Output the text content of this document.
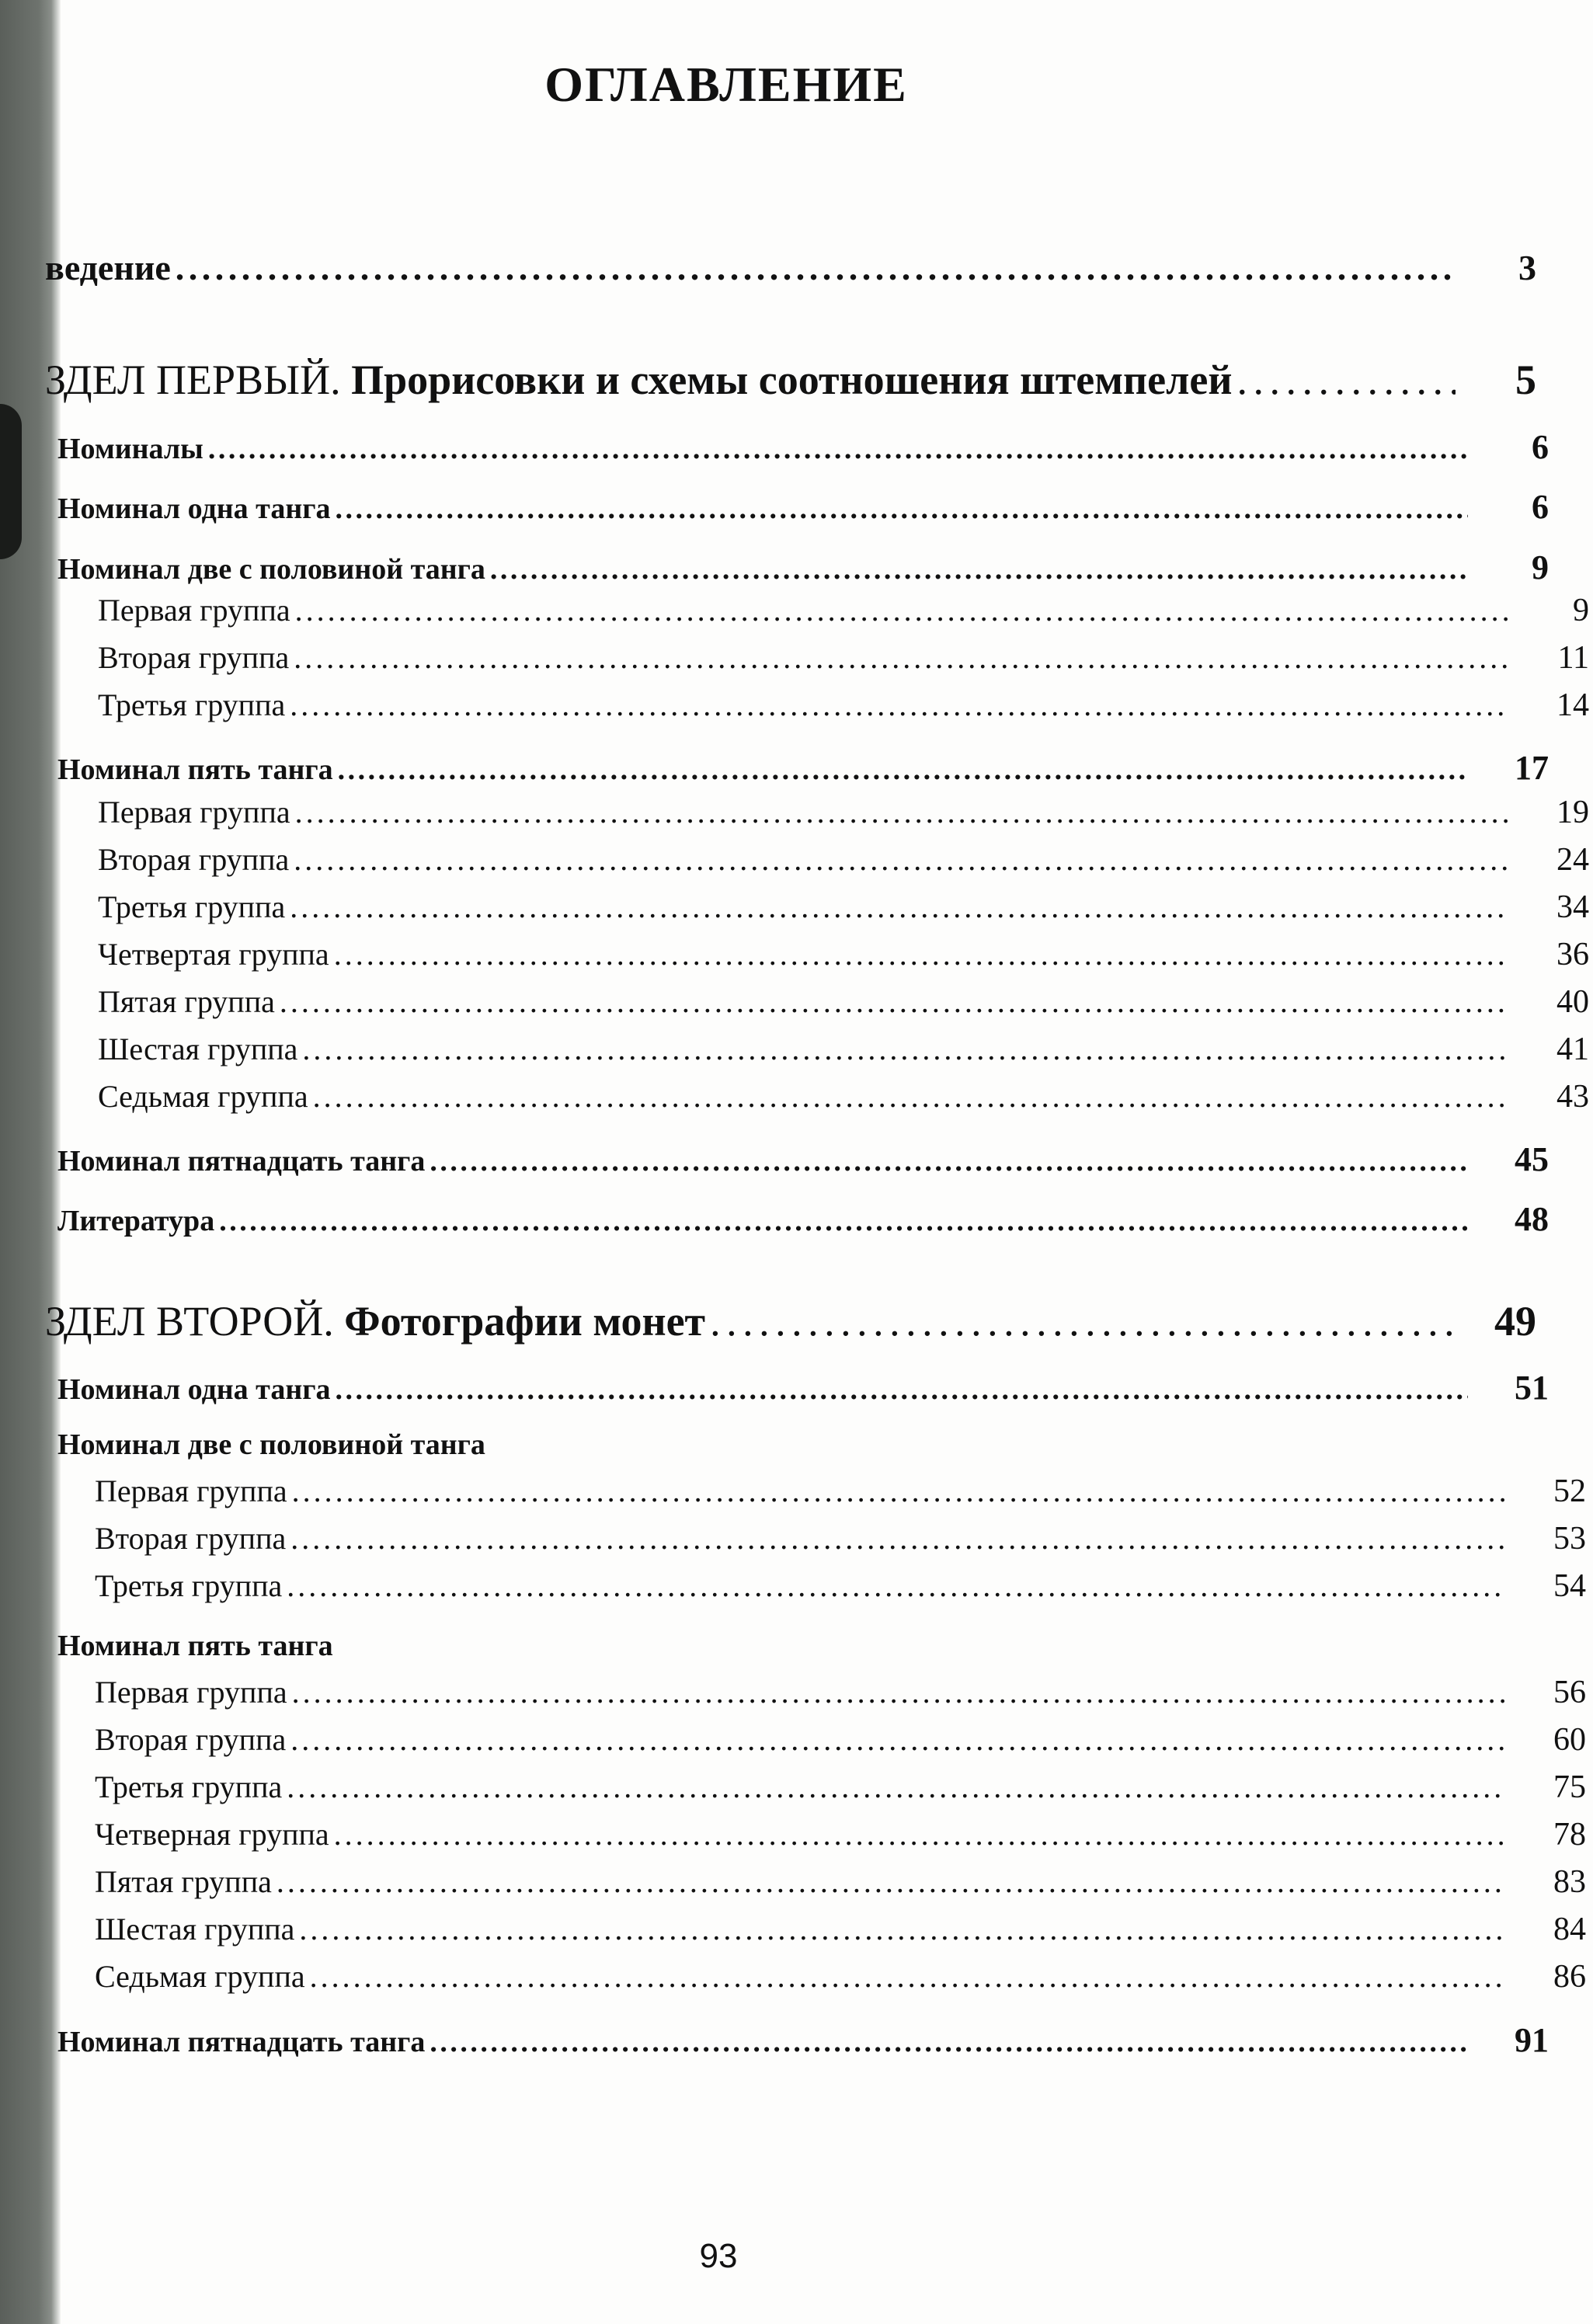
ОГЛАВЛЕНИЕ
ведение . . .	3
ЗДЕЛ ПЕРВЫЙ. Прорисовки и схемы соотношения штемпелей . . .	5
Номиналы . . .	6
Номинал одна танга . . .	6
Номинал две с половиной танга . . .	9
Первая группа . . .	9
Вторая группа . . .	11
Третья группа . . .	14
Номинал пять танга . . .	17
Первая группа . . .	19
Вторая группа . . .	24
Третья группа . . .	34
Четвертая группа . . .	36
Пятая группа . . .	40
Шестая группа . . .	41
Седьмая группа . . .	43
Номинал пятнадцать танга . . .	45
Литература . . .	48
ЗДЕЛ ВТОРОЙ. Фотографии монет . . .	49
Номинал одна танга . . .	51
Номинал две с половиной танга
Первая группа . . .	52
Вторая группа . . .	53
Третья группа . . .	54
Номинал пять танга
Первая группа . . .	56
Вторая группа . . .	60
Третья группа . . .	75
Четверная группа . . .	78
Пятая группа . . .	83
Шестая группа . . .	84
Седьмая группа . . .	86
Номинал пятнадцать танга . . .	91
93
